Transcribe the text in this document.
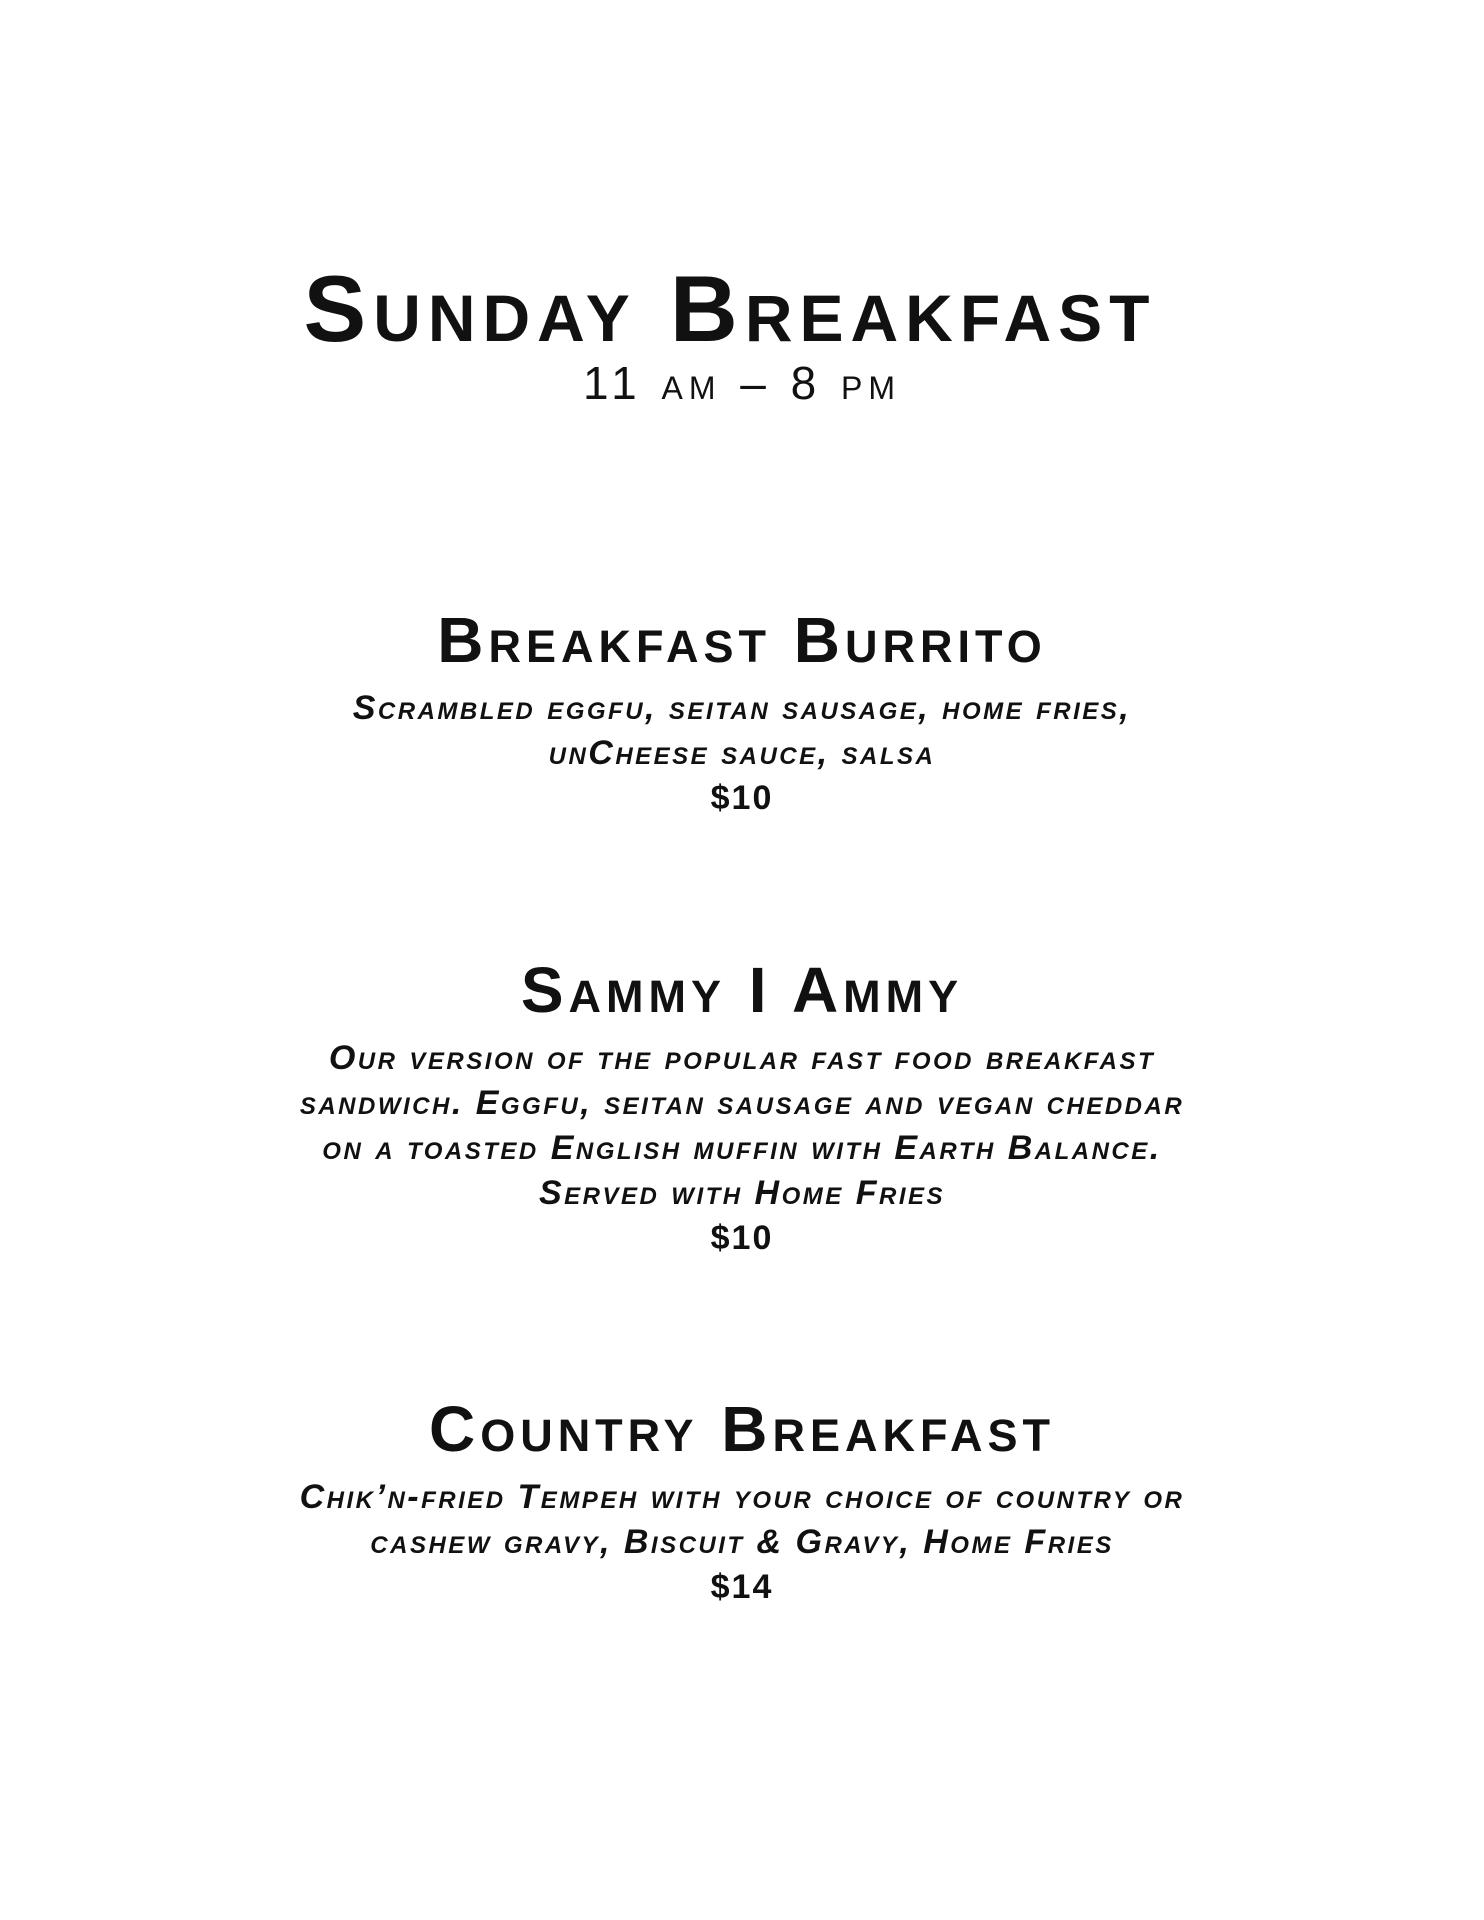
Sunday Breakfast
11 am – 8 pm
Breakfast Burrito
Scrambled eggfu, seitan sausage, home fries,
unCheese sauce, salsa
$10
Sammy I Ammy
Our version of the popular fast food breakfast
sandwich. Eggfu, seitan sausage and vegan cheddar
on a toasted English muffin with Earth Balance.
Served with Home Fries
$10
Country Breakfast
Chik’n-fried Tempeh with your choice of country or
cashew gravy, Biscuit & Gravy, Home Fries
$14
